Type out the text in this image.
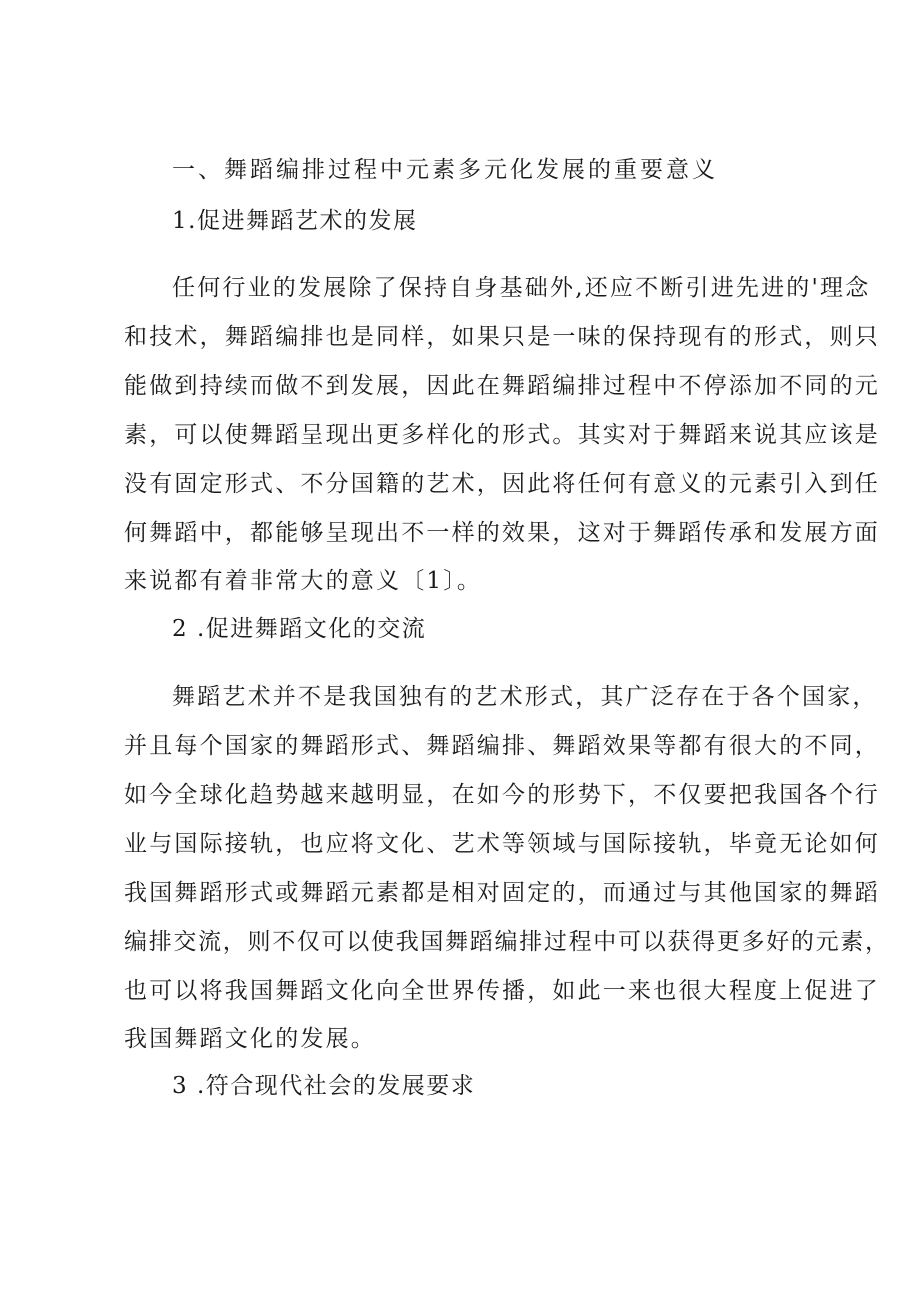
一、舞蹈编排过程中元素多元化发展的重要意义
1.促进舞蹈艺术的发展
任何行业的发展除了保持自身基础外,还应不断引进先进的'理念
和技术，舞蹈编排也是同样，如果只是一味的保持现有的形式，则只
能做到持续而做不到发展，因此在舞蹈编排过程中不停添加不同的元
素，可以使舞蹈呈现出更多样化的形式。其实对于舞蹈来说其应该是
没有固定形式、不分国籍的艺术，因此将任何有意义的元素引入到任
何舞蹈中，都能够呈现出不一样的效果，这对于舞蹈传承和发展方面
来说都有着非常大的意义〔1〕。
2 .促进舞蹈文化的交流
舞蹈艺术并不是我国独有的艺术形式，其广泛存在于各个国家，
并且每个国家的舞蹈形式、舞蹈编排、舞蹈效果等都有很大的不同，
如今全球化趋势越来越明显，在如今的形势下，不仅要把我国各个行
业与国际接轨，也应将文化、艺术等领域与国际接轨，毕竟无论如何
我国舞蹈形式或舞蹈元素都是相对固定的，而通过与其他国家的舞蹈
编排交流，则不仅可以使我国舞蹈编排过程中可以获得更多好的元素，
也可以将我国舞蹈文化向全世界传播，如此一来也很大程度上促进了
我国舞蹈文化的发展。
3 .符合现代社会的发展要求
